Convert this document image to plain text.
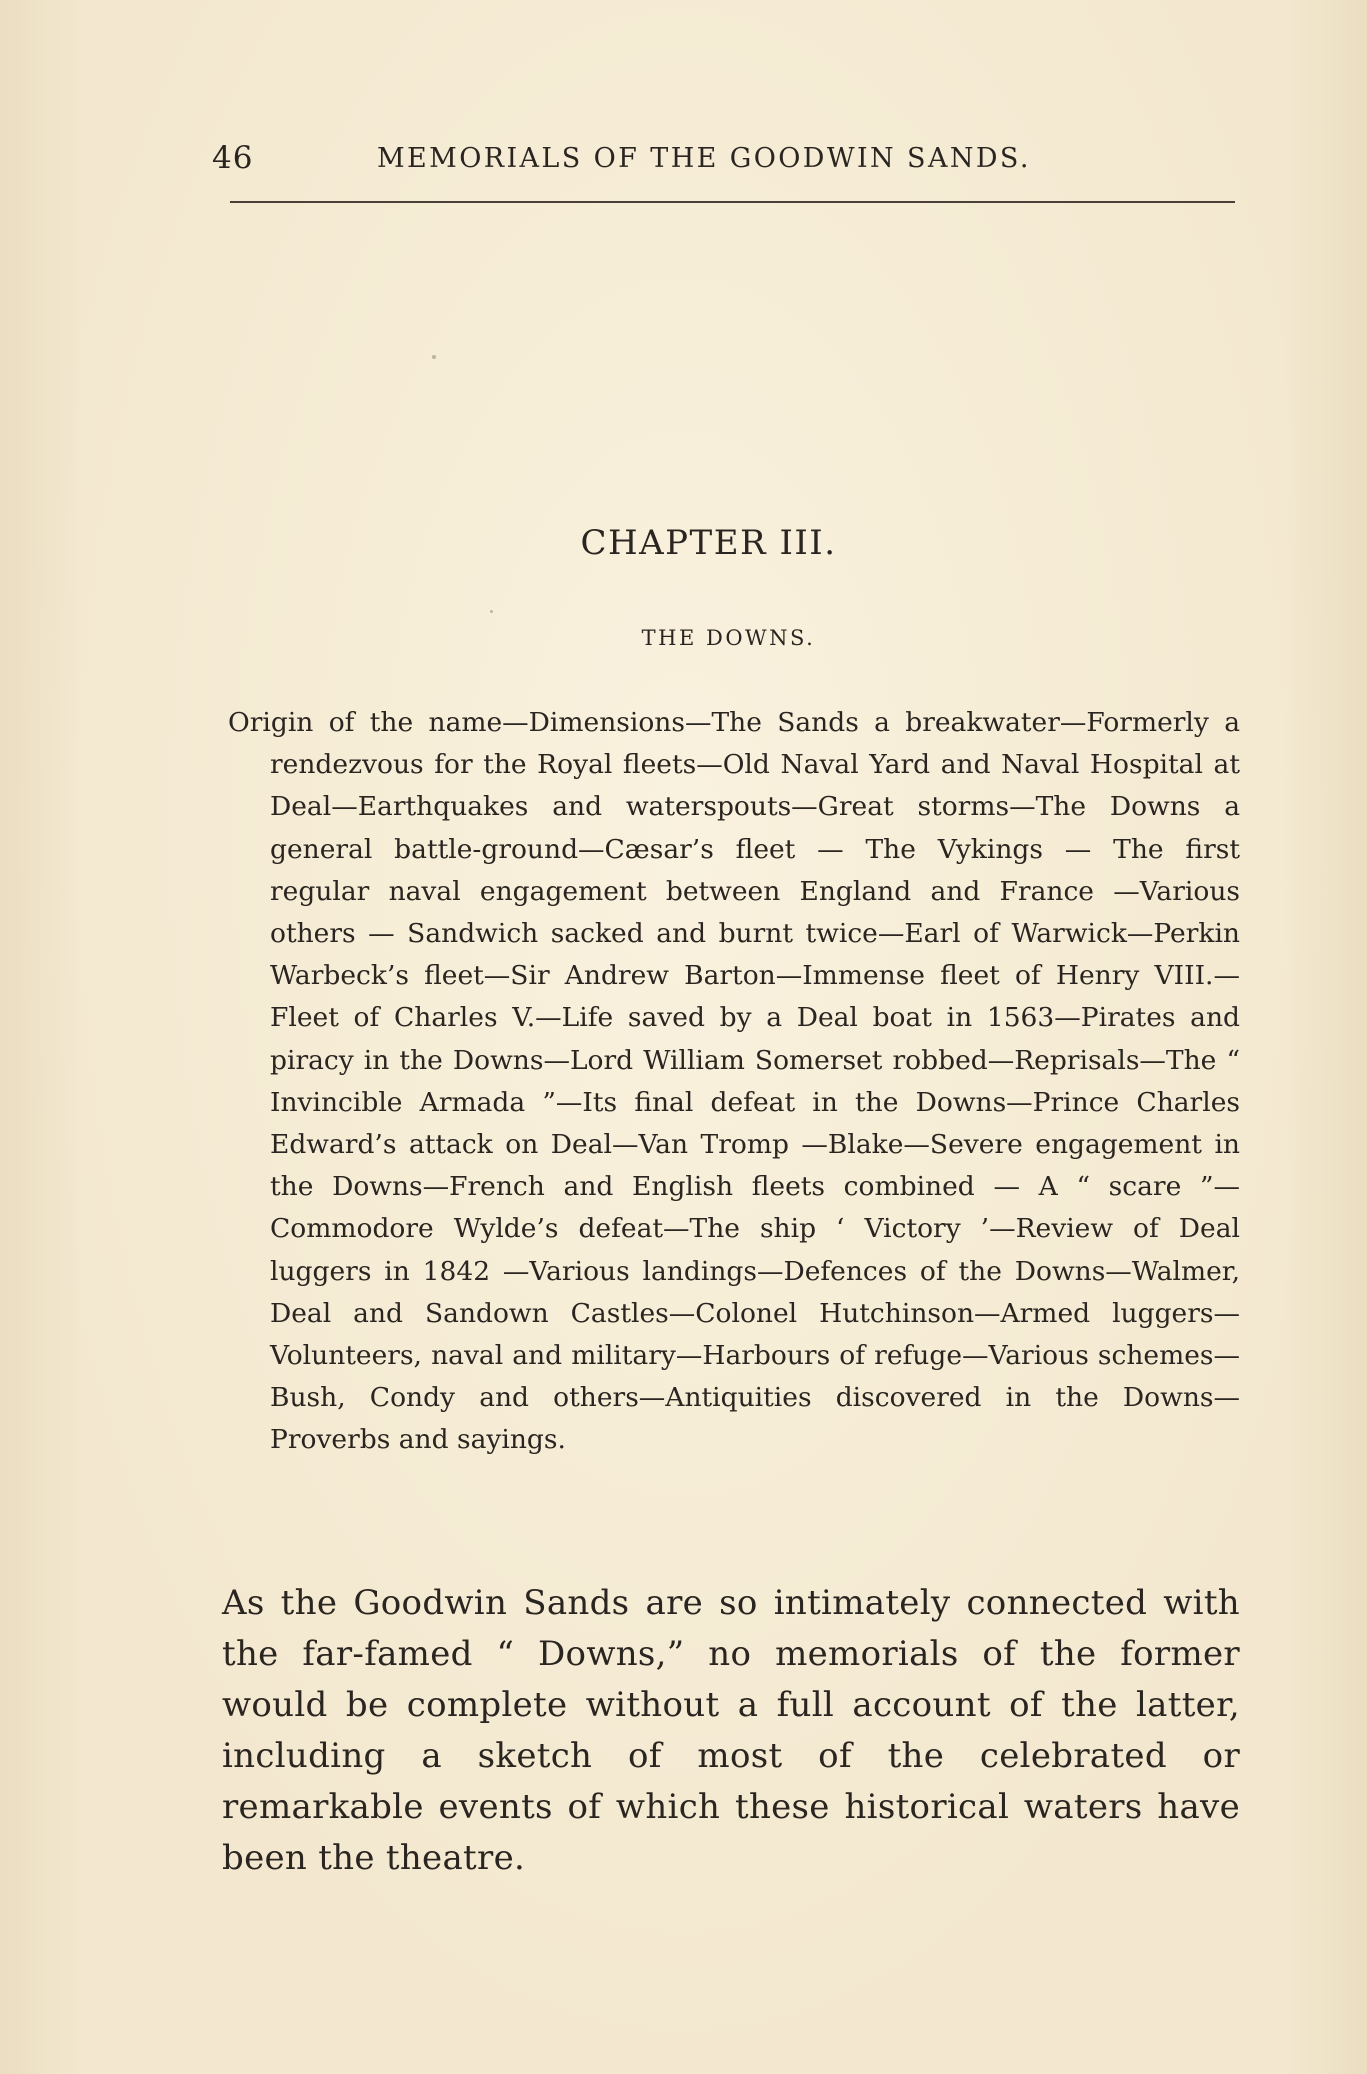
46	MEMORIALS OF THE GOODWIN SANDS.
CHAPTER III.
THE DOWNS.

Origin of the name—Dimensions—The Sands a breakwater—Formerly a rendezvous for the Royal fleets—Old Naval Yard and Naval Hospital at Deal—Earthquakes and waterspouts—Great storms—The Downs a general battle-ground—Cæsar’s fleet — The Vykings — The first regular naval engagement between England and France —Various others — Sandwich sacked and burnt twice—Earl of Warwick—Perkin Warbeck’s fleet—Sir Andrew Barton—Immense fleet of Henry VIII.—Fleet of Charles V.—Life saved by a Deal boat in 1563—Pirates and piracy in the Downs—Lord William Somerset robbed—Reprisals—The “ Invincible Armada ”—Its final defeat in the Downs—Prince Charles Edward’s attack on Deal—Van Tromp —Blake—Severe engagement in the Downs—French and English fleets combined — A “ scare ”— Commodore Wylde’s defeat—The ship ‘ Victory ’—Review of Deal luggers in 1842 —Various landings—Defences of the Downs—Walmer, Deal and Sandown Castles—Colonel Hutchinson—Armed luggers—Volunteers, naval and military—Harbours of refuge—Various schemes—Bush, Condy and others—Antiquities discovered in the Downs—Proverbs and sayings.

As the Goodwin Sands are so intimately connected with the far-famed “ Downs,” no memorials of the former would be complete without a full account of the latter, including a sketch of most of the celebrated or remarkable events of which these historical waters have been the theatre.
